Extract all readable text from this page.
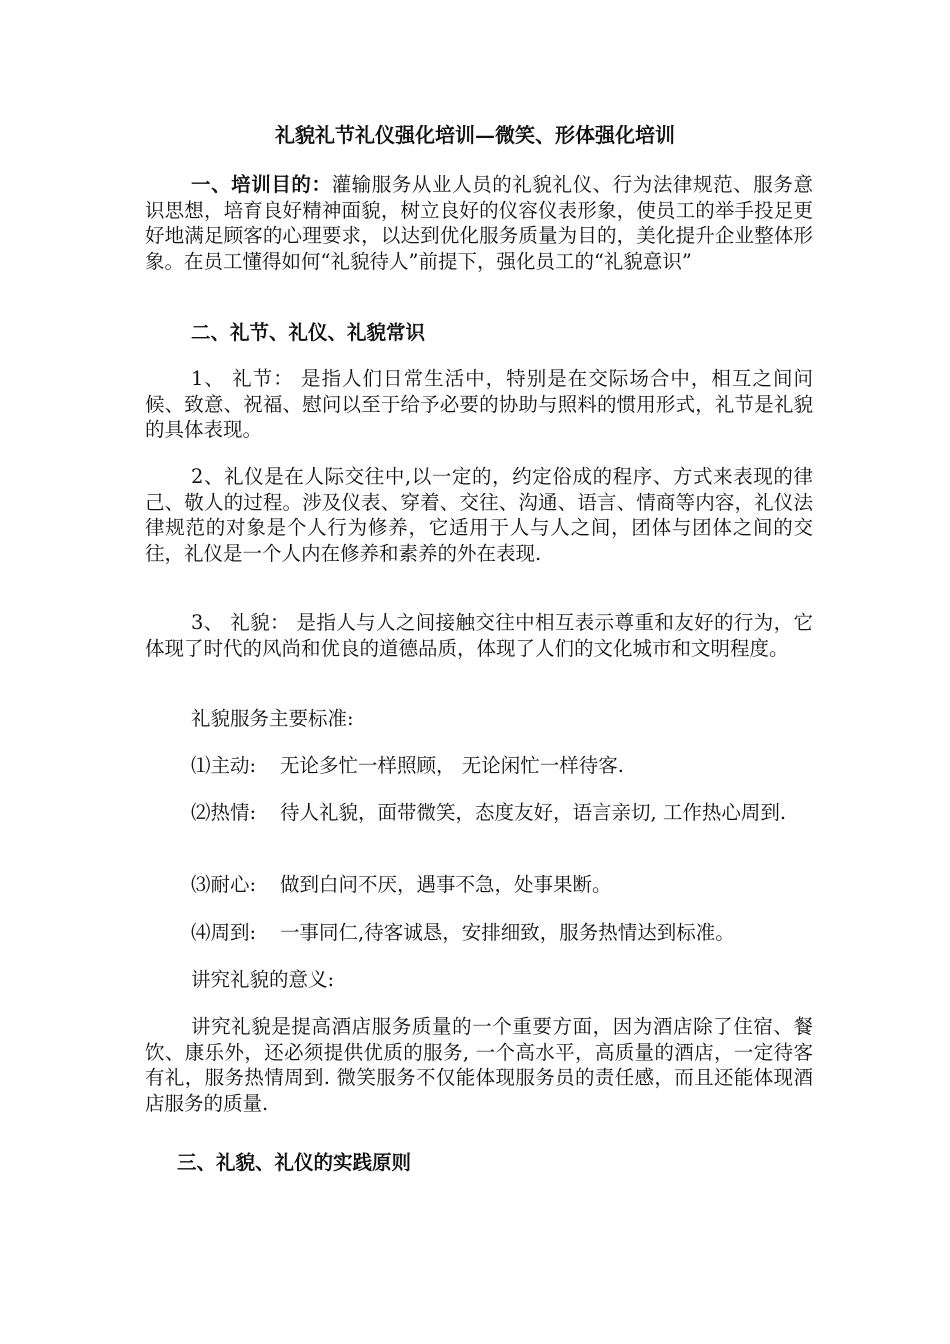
礼貌礼节礼仪强化培训—微笑、形体强化培训
一、培训目的：灌输服务从业人员的礼貌礼仪、行为法律规范、服务意识思想，培育良好精神面貌，树立良好的仪容仪表形象，使员工的举手投足更好地满足顾客的心理要求，以达到优化服务质量为目的，美化提升企业整体形象。在员工懂得如何“礼貌待人”前提下，强化员工的“礼貌意识”
二、礼节、礼仪、礼貌常识
1、 礼节： 是指人们日常生活中，特别是在交际场合中，相互之间问候、致意、祝福、慰问以至于给予必要的协助与照料的惯用形式，礼节是礼貌的具体表现。
2、礼仪是在人际交往中,以一定的，约定俗成的程序、方式来表现的律己、敬人的过程。涉及仪表、穿着、交往、沟通、语言、情商等内容，礼仪法律规范的对象是个人行为修养，它适用于人与人之间，团体与团体之间的交往，礼仪是一个人内在修养和素养的外在表现.
3、 礼貌： 是指人与人之间接触交往中相互表示尊重和友好的行为，它体现了时代的风尚和优良的道德品质，体现了人们的文化城市和文明程度。
礼貌服务主要标准:
⑴主动: 无论多忙一样照顾， 无论闲忙一样待客.
⑵热情: 待人礼貌，面带微笑，态度友好，语言亲切, 工作热心周到.
⑶耐心: 做到白问不厌，遇事不急，处事果断。
⑷周到: 一事同仁,待客诚恳，安排细致，服务热情达到标准。
讲究礼貌的意义:
讲究礼貌是提高酒店服务质量的一个重要方面，因为酒店除了住宿、餐饮、康乐外，还必须提供优质的服务, 一个高水平，高质量的酒店，一定待客有礼，服务热情周到. 微笑服务不仅能体现服务员的责任感，而且还能体现酒店服务的质量.
三、礼貌、礼仪的实践原则
